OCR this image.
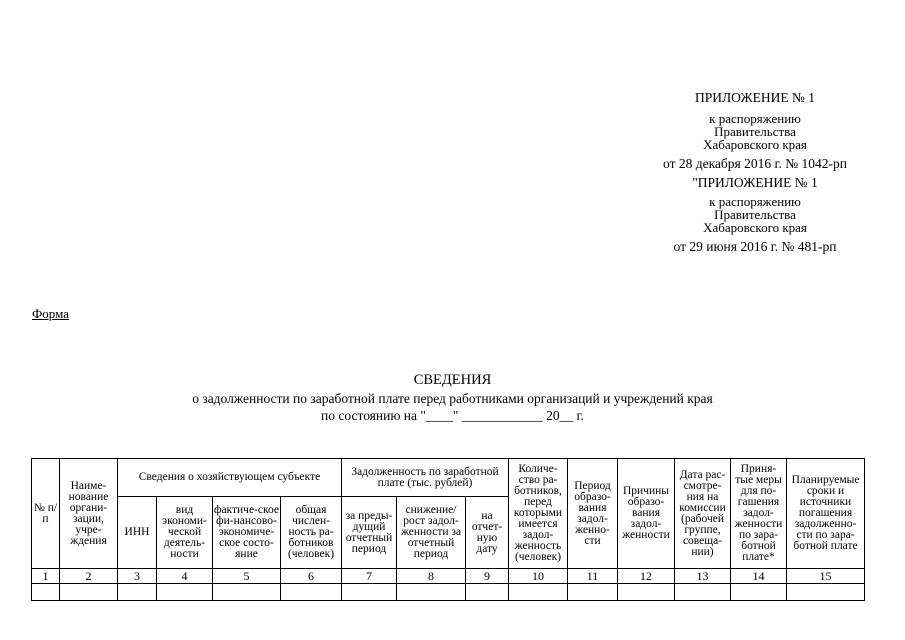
ПРИЛОЖЕНИЕ № 1
к распоряжению
Правительства
Хабаровского края
от 28 декабря 2016 г. № 1042-рп
"ПРИЛОЖЕНИЕ № 1
к распоряжению
Правительства
Хабаровского края
от 29 июня 2016 г. № 481-рп
Форма
СВЕДЕНИЯ
о задолженности по заработной плате перед работниками организаций и учреждений края
по состоянию на "____" ____________ 20__ г.
№ п/п	Наиме-нование органи-зации, учре-ждения	Сведения о хозяйствующем субъекте				Задолженность по заработной плате (тыс. рублей)			Количе-ство ра-ботников, перед которыми имеется задол-женность (человек)	Период образо-вания задол-женно-сти	Причины образо-вания задол-женности	Дата рас-смотре-ния на комиссии (рабочей группе, совеща-нии)	Приня-тые меры для по-гашения задол-женности по зара-ботной плате*	Планируемые сроки и источники погашения задолженно-сти по зара-ботной плате
		ИНН	вид экономи-ческой деятель-ности	фактиче-ское фи-нансово-экономиче-ское состо-яние	общая числен-ность ра-ботников (человек)	за преды-дущий отчетный период	снижение/ рост задол-женности за отчетный период	на отчет-ную дату						
1	2	3	4	5	6	7	8	9	10	11	12	13	14	15
